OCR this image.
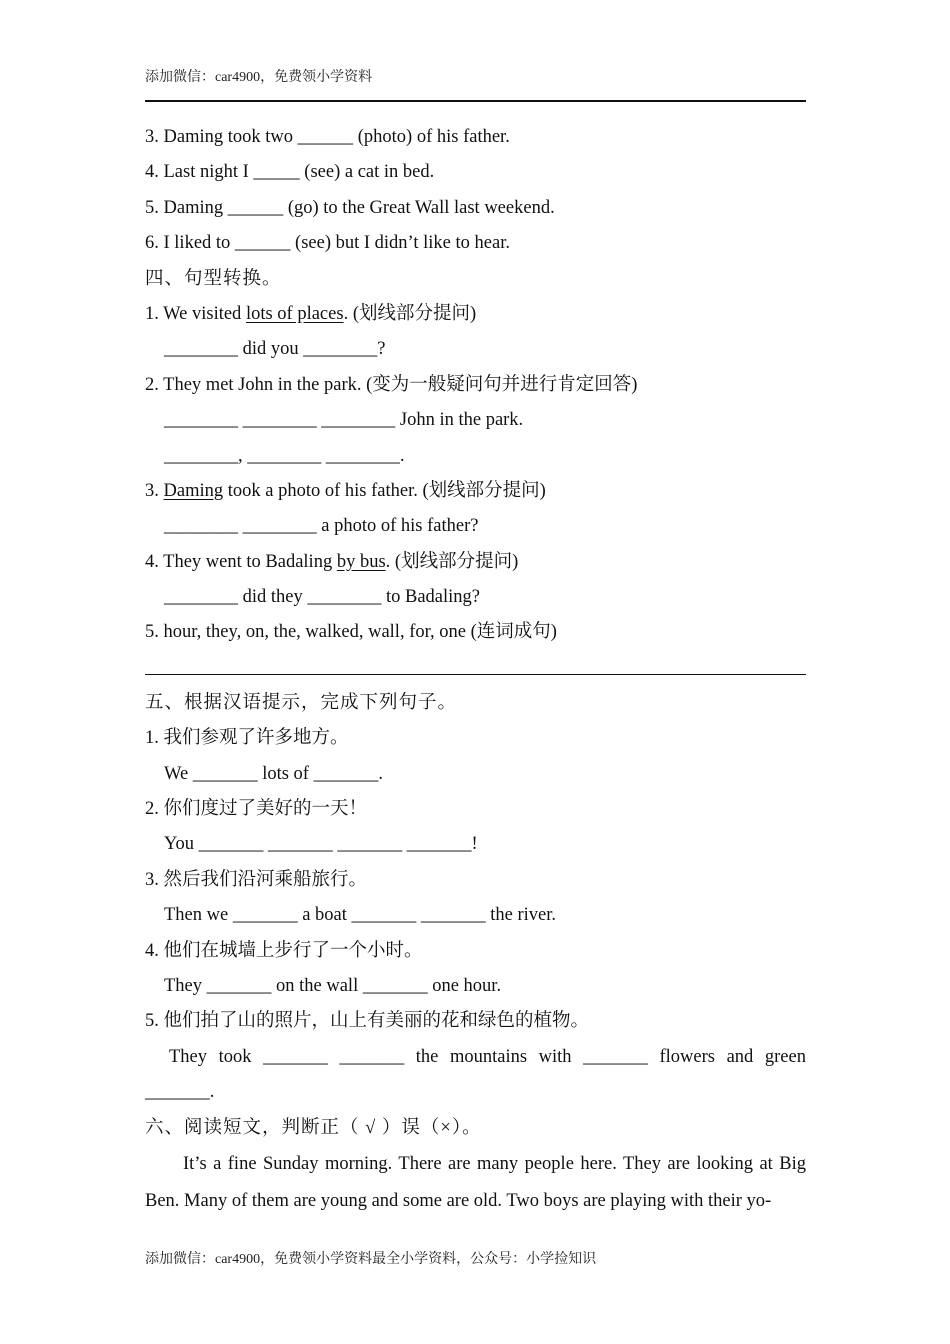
添加微信：car4900，免费领小学资料
3. Daming took two ______ (photo) of his father.
4. Last night I _____ (see) a cat in bed.
5. Daming ______ (go) to the Great Wall last weekend.
6. I liked to ______ (see) but I didn’t like to hear.
四、句型转换。
1. We visited lots of places. (划线部分提问)
________ did you ________?
2. They met John in the park. (变为一般疑问句并进行肯定回答)
________ ________ ________ John in the park.
________, ________ ________.
3. Daming took a photo of his father. (划线部分提问)
________ ________ a photo of his father?
4. They went to Badaling by bus. (划线部分提问)
________ did they ________ to Badaling?
5. hour, they, on, the, walked, wall, for, one (连词成句)
五、根据汉语提示，完成下列句子。
1. 我们参观了许多地方。
We _______ lots of _______.
2. 你们度过了美好的一天！
You _______ _______ _______ _______!
3. 然后我们沿河乘船旅行。
Then we _______ a boat _______ _______ the river.
4. 他们在城墙上步行了一个小时。
They _______ on the wall _______ one hour.
5. 他们拍了山的照片，山上有美丽的花和绿色的植物。
They took _______ _______ the mountains with _______ flowers and green
_______.
六、阅读短文，判断正（ √ ）误（×）。

It’s a fine Sunday morning. There are many people here. They are looking at Big Ben. Many of them are young and some are old. Two boys are playing with their yo-

添加微信：car4900，免费领小学资料最全小学资料，公众号：小学捡知识
